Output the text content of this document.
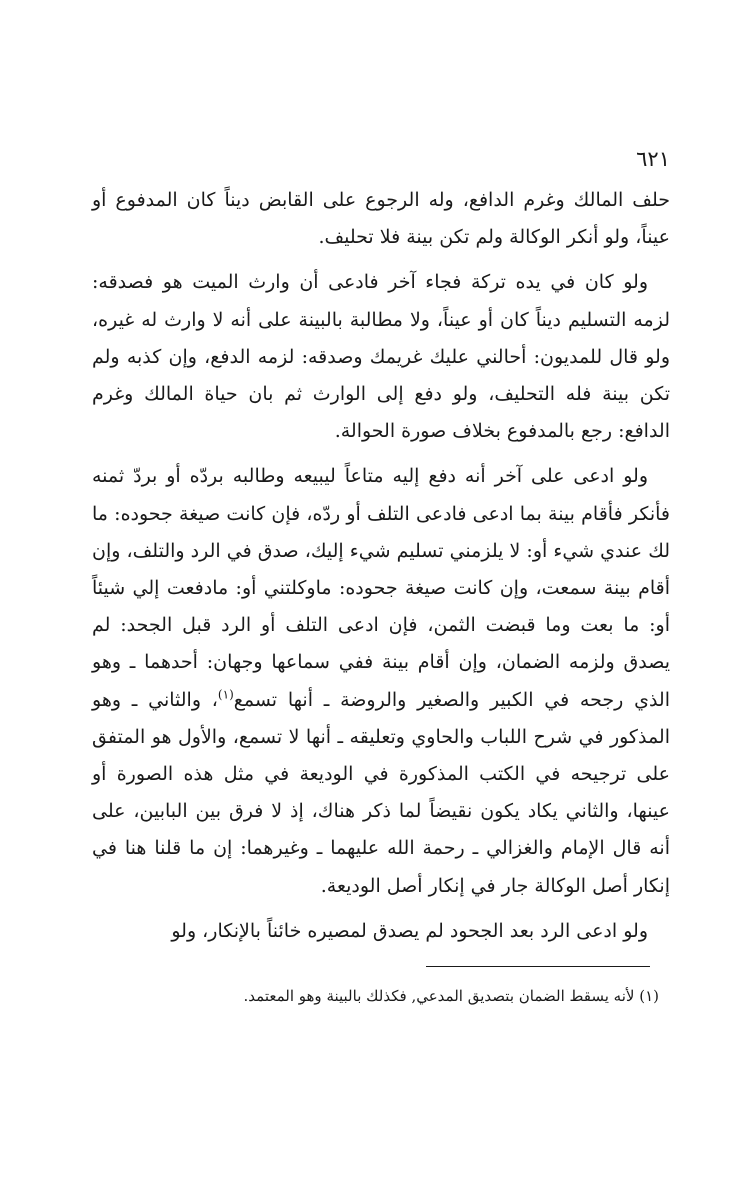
٦٢١

حلف المالك وغرم الدافع، وله الرجوع على القابض ديناً كان المدفوع أو عيناً، ولو أنكر الوكالة ولم تكن بينة فلا تحليف.

ولو كان في يده تركة فجاء آخر فادعى أن وارث الميت هو فصدقه: لزمه التسليم ديناً كان أو عيناً، ولا مطالبة بالبينة على أنه لا وارث له غيره، ولو قال للمديون: أحالني عليك غريمك وصدقه: لزمه الدفع، وإن كذبه ولم تكن بينة فله التحليف، ولو دفع إلى الوارث ثم بان حياة المالك وغرم الدافع: رجع بالمدفوع بخلاف صورة الحوالة.

ولو ادعى على آخر أنه دفع إليه متاعاً ليبيعه وطالبه بردّه أو بردّ ثمنه فأنكر فأقام بينة بما ادعى فادعى التلف أو ردّه، فإن كانت صيغة جحوده: ما لك عندي شيء أو: لا يلزمني تسليم شيء إليك، صدق في الرد والتلف، وإن أقام بينة سمعت، وإن كانت صيغة جحوده: ماوكلتني أو: مادفعت إلي شيئاً أو: ما بعت وما قبضت الثمن، فإن ادعى التلف أو الرد قبل الجحد: لم يصدق ولزمه الضمان، وإن أقام بينة ففي سماعها وجهان: أحدهما ـ وهو الذي رجحه في الكبير والصغير والروضة ـ أنها تسمع$^{(١)}$، والثاني ـ وهو المذكور في شرح اللباب والحاوي وتعليقه ـ أنها لا تسمع، والأول هو المتفق على ترجيحه في الكتب المذكورة في الوديعة في مثل هذه الصورة أو عينها، والثاني يكاد يكون نقيضاً لما ذكر هناك، إذ لا فرق بين البابين، على أنه قال الإمام والغزالي ـ رحمة الله عليهما ـ وغيرهما: إن ما قلنا هنا في إنكار أصل الوكالة جار في إنكار أصل الوديعة.

ولو ادعى الرد بعد الجحود لم يصدق لمصيره خائناً بالإنكار، ولو

(١) لأنه يسقط الضمان بتصديق المدعي, فكذلك بالبينة وهو المعتمد.
